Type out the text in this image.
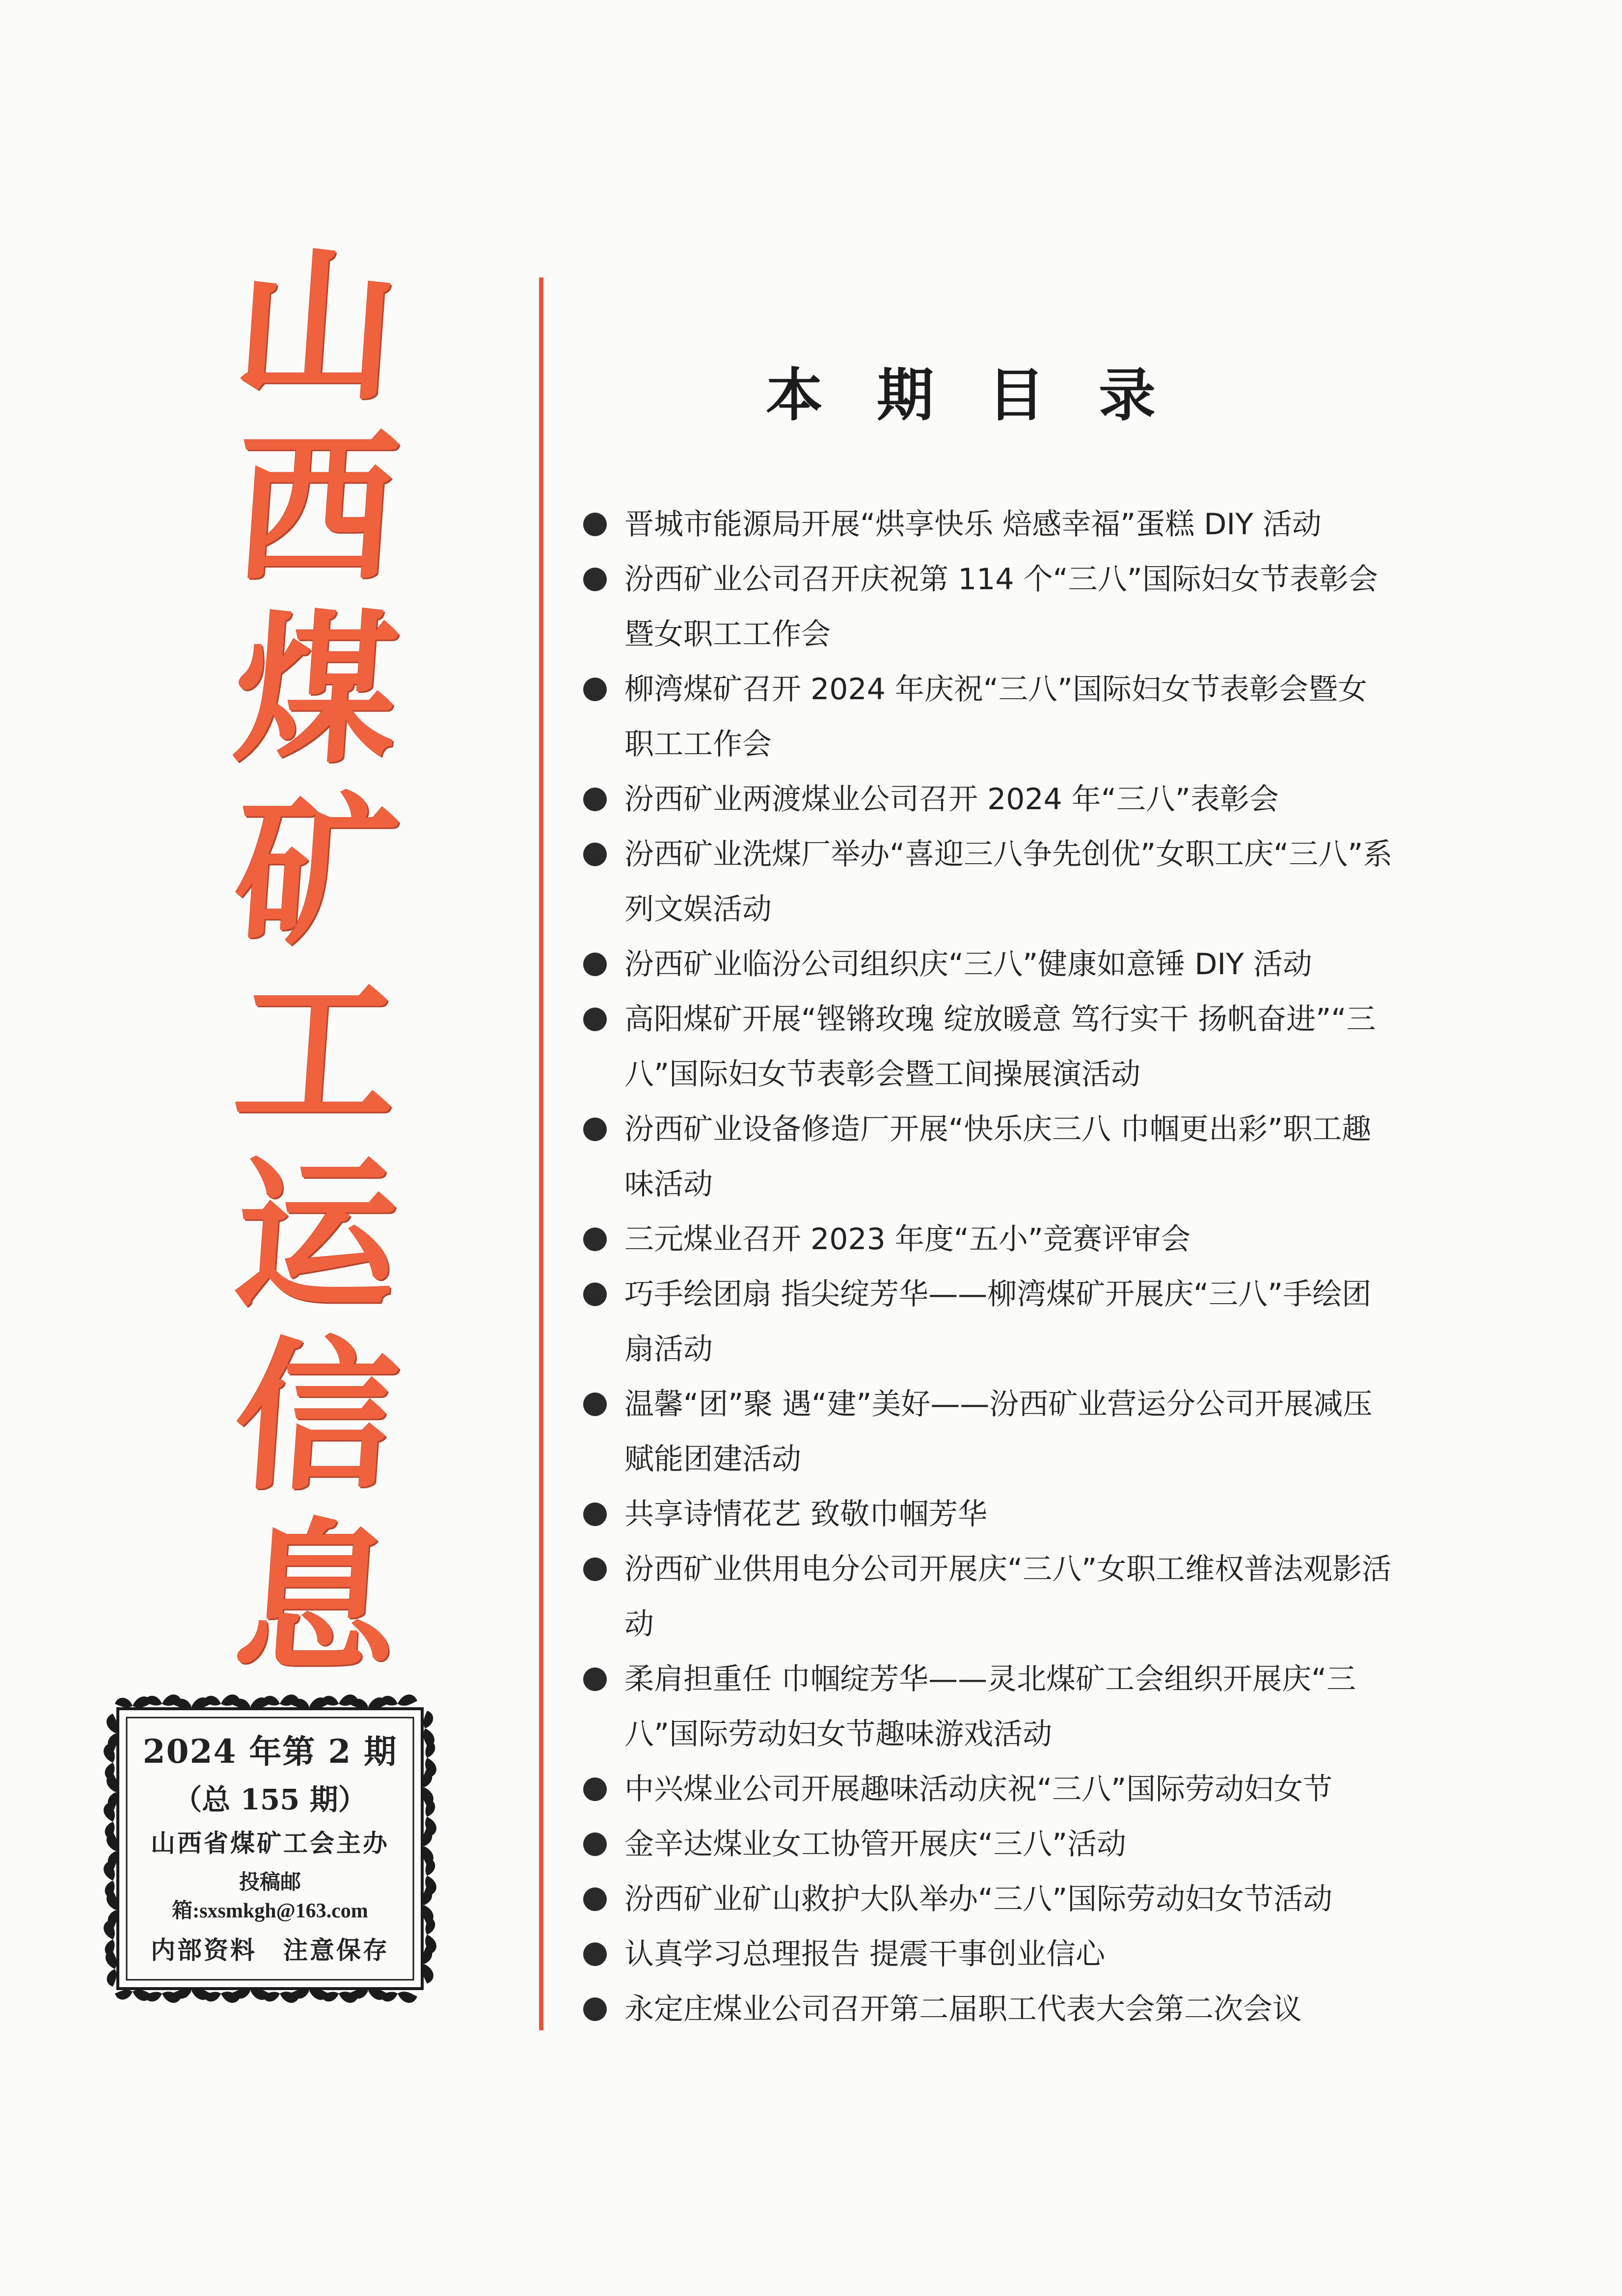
山
西
煤
矿
工
运
信
息
2024 年第 2 期
（总 155 期）
山西省煤矿工会主办
投稿邮箱:sxsmkgh@163.com
内部资料　注意保存
本期目录
晋城市能源局开展“烘享快乐 焙感幸福”蛋糕 DIY 活动
汾西矿业公司召开庆祝第 114 个“三八”国际妇女节表彰会暨女职工工作会
柳湾煤矿召开 2024 年庆祝“三八”国际妇女节表彰会暨女职工工作会
汾西矿业两渡煤业公司召开 2024 年“三八”表彰会
汾西矿业洗煤厂举办“喜迎三八争先创优”女职工庆“三八”系列文娱活动
汾西矿业临汾公司组织庆“三八”健康如意锤 DIY 活动
高阳煤矿开展“铿锵玫瑰 绽放暖意 笃行实干 扬帆奋进”“三八”国际妇女节表彰会暨工间操展演活动
汾西矿业设备修造厂开展“快乐庆三八 巾帼更出彩”职工趣味活动
三元煤业召开 2023 年度“五小”竞赛评审会
巧手绘团扇 指尖绽芳华——柳湾煤矿开展庆“三八”手绘团扇活动
温馨“团”聚 遇“建”美好——汾西矿业营运分公司开展减压赋能团建活动
共享诗情花艺 致敬巾帼芳华
汾西矿业供用电分公司开展庆“三八”女职工维权普法观影活动
柔肩担重任 巾帼绽芳华——灵北煤矿工会组织开展庆“三八”国际劳动妇女节趣味游戏活动
中兴煤业公司开展趣味活动庆祝“三八”国际劳动妇女节
金辛达煤业女工协管开展庆“三八”活动
汾西矿业矿山救护大队举办“三八”国际劳动妇女节活动
认真学习总理报告 提震干事创业信心
永定庄煤业公司召开第二届职工代表大会第二次会议
